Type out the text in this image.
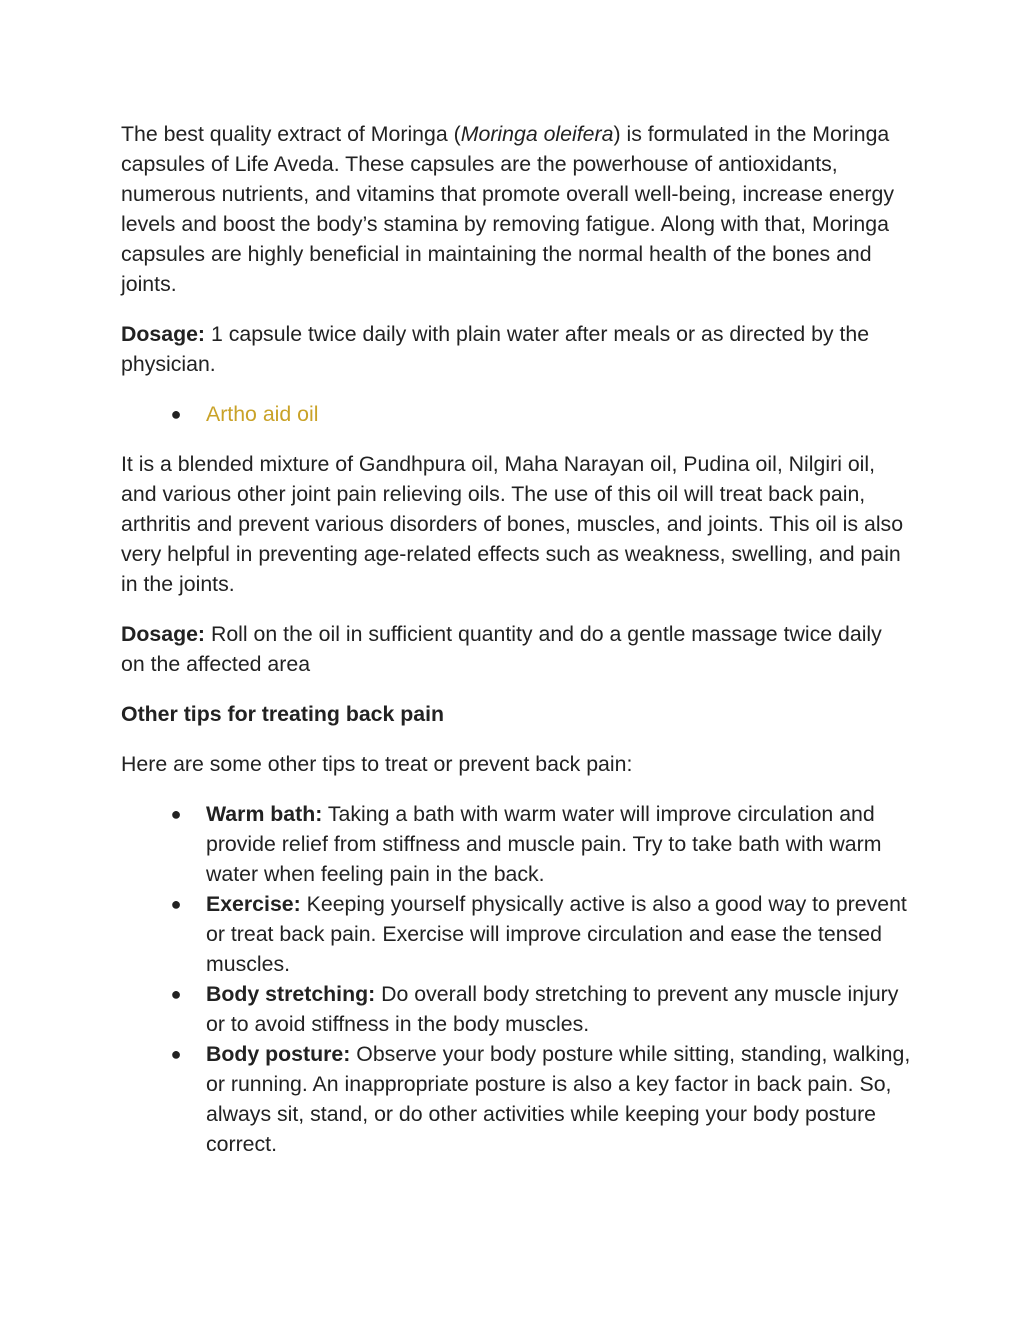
The best quality extract of Moringa (Moringa oleifera) is formulated in the Moringa capsules of Life Aveda. These capsules are the powerhouse of antioxidants, numerous nutrients, and vitamins that promote overall well-being, increase energy levels and boost the body’s stamina by removing fatigue. Along with that, Moringa capsules are highly beneficial in maintaining the normal health of the bones and joints.

Dosage: 1 capsule twice daily with plain water after meals or as directed by the physician.

● Artho aid oil

It is a blended mixture of Gandhpura oil, Maha Narayan oil, Pudina oil, Nilgiri oil, and various other joint pain relieving oils. The use of this oil will treat back pain, arthritis and prevent various disorders of bones, muscles, and joints. This oil is also very helpful in preventing age-related effects such as weakness, swelling, and pain in the joints.

Dosage: Roll on the oil in sufficient quantity and do a gentle massage twice daily on the affected area

Other tips for treating back pain

Here are some other tips to treat or prevent back pain:

● Warm bath: Taking a bath with warm water will improve circulation and provide relief from stiffness and muscle pain. Try to take bath with warm water when feeling pain in the back.
● Exercise: Keeping yourself physically active is also a good way to prevent or treat back pain. Exercise will improve circulation and ease the tensed muscles.
● Body stretching: Do overall body stretching to prevent any muscle injury or to avoid stiffness in the body muscles.
● Body posture: Observe your body posture while sitting, standing, walking, or running. An inappropriate posture is also a key factor in back pain. So, always sit, stand, or do other activities while keeping your body posture correct.
